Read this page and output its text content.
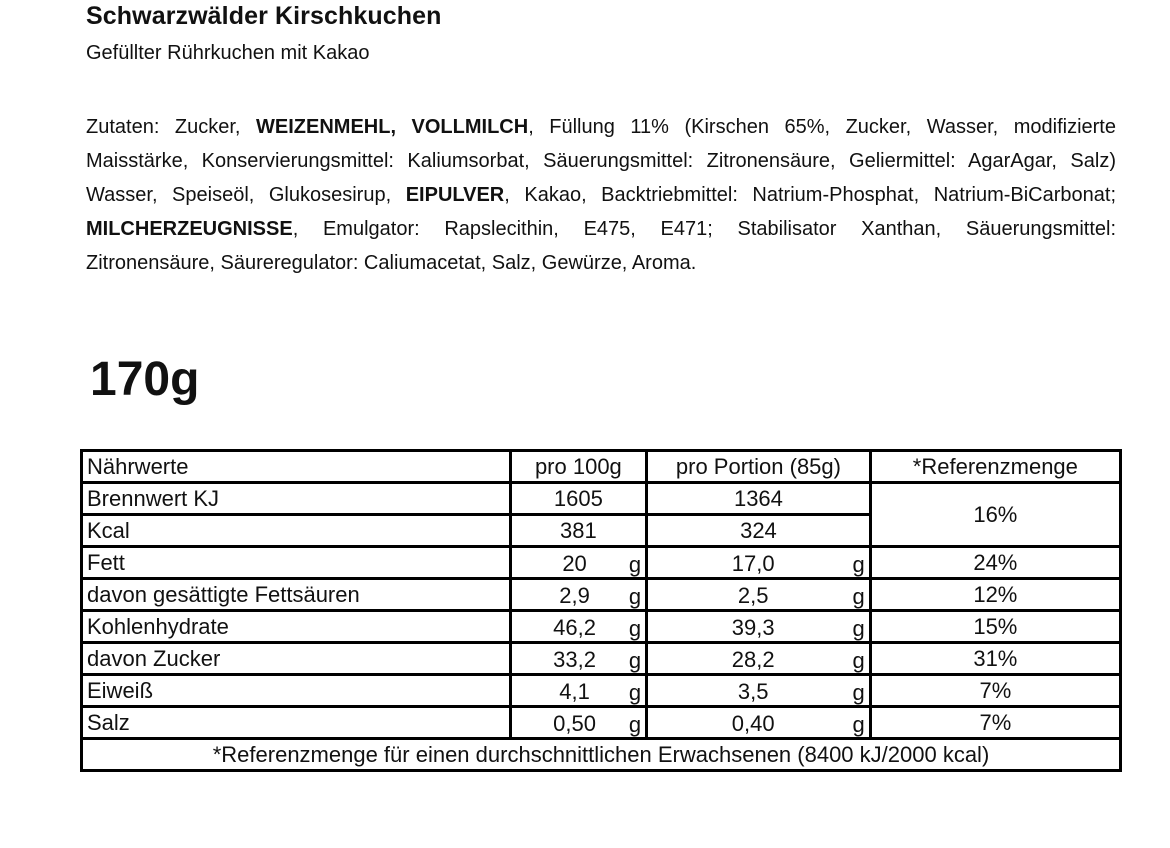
Schwarzwälder Kirschkuchen
Gefüllter Rührkuchen mit Kakao
Zutaten: Zucker, WEIZENMEHL, VOLLMILCH, Füllung 11% (Kirschen 65%, Zucker, Wasser, modifizierte Maisstärke, Konservierungsmittel: Kaliumsorbat, Säuerungsmittel: Zitronensäure, Geliermittel: AgarAgar, Salz) Wasser, Speiseöl, Glukosesirup, EIPULVER, Kakao, Backtriebmittel: Natrium-Phosphat, Natrium-BiCarbonat; MILCHERZEUGNISSE, Emulgator: Rapslecithin, E475, E471; Stabilisator Xanthan, Säuerungsmittel: Zitronensäure, Säureregulator: Caliumacetat, Salz, Gewürze, Aroma.
170g
Nährwerte	pro 100g	pro Portion (85g)	*Referenzmenge
Brennwert KJ	1605	1364	16%
Kcal	381	324	
Fett	20 g	17,0 g	24%
davon gesättigte Fettsäuren	2,9 g	2,5 g	12%
Kohlenhydrate	46,2 g	39,3 g	15%
davon Zucker	33,2 g	28,2 g	31%
Eiweiß	4,1 g	3,5 g	7%
Salz	0,50 g	0,40 g	7%
*Referenzmenge für einen durchschnittlichen Erwachsenen (8400 kJ/2000 kcal)			
